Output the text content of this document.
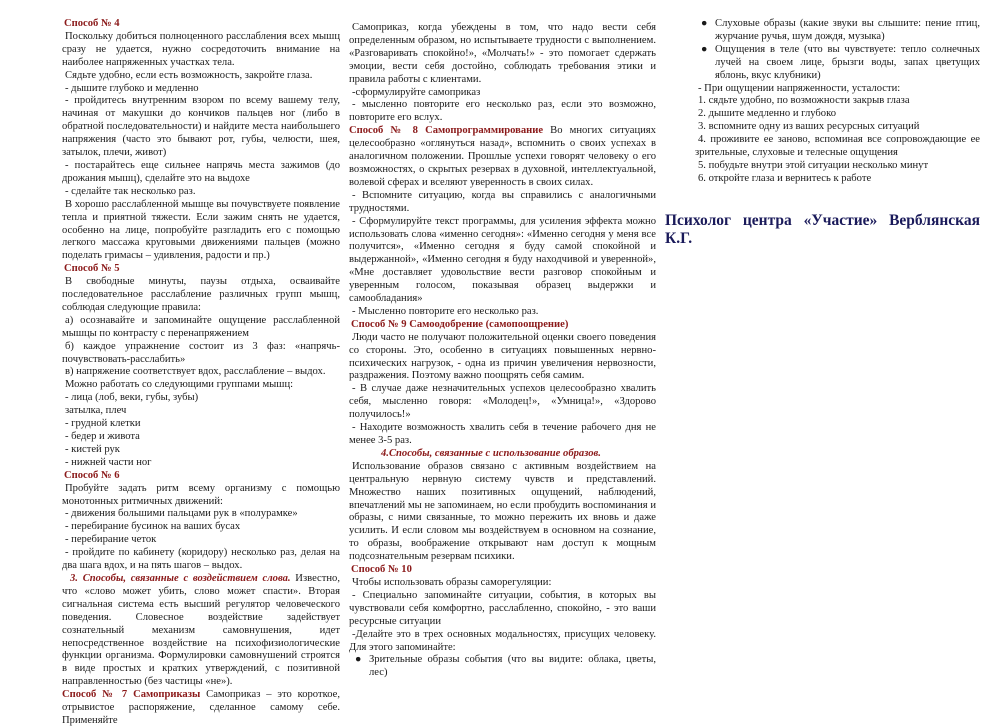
Способ № 4

Поскольку добиться полноценного расслабления всех мышц сразу не удается, нужно сосредоточить внимание на наиболее напряженных участках тела.

Сядьте удобно, если есть возможность, закройте глаза.

- дышите глубоко и медленно

- пройдитесь внутренним взором по всему вашему телу, начиная от макушки до кончиков пальцев ног (либо в обратной последовательности) и найдите места наибольшего напряжения (часто это бывают рот, губы, челюсти, шея, затылок, плечи, живот)

- постарайтесь еще сильнее напрячь места зажимов (до дрожания мышц), сделайте это на выдохе

- сделайте так несколько раз.

В хорошо расслабленной мышце вы почувствуете появление тепла и приятной тяжести. Если зажим снять не удается, особенно на лице, попробуйте разгладить его с помощью легкого массажа круговыми движениями пальцев (можно поделать гримасы – удивления, радости и пр.)

Способ № 5

В свободные минуты, паузы отдыха, осваивайте последовательное расслабление различных групп мышц, соблюдая следующие правила:

а) осознавайте и запоминайте ощущение расслабленной мышцы по контрасту с перенапряжением

б) каждое упражнение состоит из 3 фаз: «напрячь-почувствовать-расслабить»

в) напряжение соответствует вдох, расслабление – выдох.

Можно работать со следующими группами мышц:

- лица (лоб, веки, губы, зубы)

затылка, плеч

- грудной клетки

- бедер и живота

- кистей рук

- нижней части ног

Способ № 6

Пробуйте задать ритм всему организму с помощью монотонных ритмичных движений:

- движения большими пальцами рук в «полурамке»

- перебирание бусинок на ваших бусах

- перебирание четок

- пройдите по кабинету (коридору) несколько раз, делая на два шага вдох, и на пять шагов – выдох.

3. Способы, связанные с воздействием слова. Известно, что «слово может убить, слово может спасти». Вторая сигнальная система есть высший регулятор человеческого поведения. Словесное воздействие задействует сознательный механизм самовнушения, идет непосредственное воздействие на психофизиологические функции организма. Формулировки самовнушений строятся в виде простых и кратких утверждений, с позитивной направленностью (без частицы «не»).

Способ № 7 Самоприказы Самоприказ – это короткое, отрывистое распоряжение, сделанное самому себе. Применяйте

Самоприказ, когда убеждены в том, что надо вести себя определенным образом, но испытываете трудности с выполнением. «Разговаривать спокойно!», «Молчать!» - это помогает сдержать эмоции, вести себя достойно, соблюдать требования этики и правила работы с клиентами.

-сформулируйте самоприказ

- мысленно повторите его несколько раз, если это возможно, повторите его вслух.

Способ № 8 Самопрограммирование Во многих ситуациях целесообразно «оглянуться назад», вспомнить о своих успехах в аналогичном положении. Прошлые успехи говорят человеку о его возможностях, о скрытых резервах в духовной, интеллектуальной, волевой сферах и вселяют уверенность в своих силах.

- Вспомните ситуацию, когда вы справились с аналогичными трудностями.

- Сформулируйте текст программы, для усиления эффекта можно использовать слова «именно сегодня»: «Именно сегодня у меня все получится», «Именно сегодня я буду самой спокойной и выдержанной», «Именно сегодня я буду находчивой и уверенной», «Мне доставляет удовольствие вести разговор спокойным и уверенным голосом, показывая образец выдержки и самообладания»

- Мысленно повторите его несколько раз.

Способ № 9 Самоодобрение (самопоощрение)

Люди часто не получают положительной оценки своего поведения со стороны. Это, особенно в ситуациях повышенных нервно-психических нагрузок, - одна из причин увеличения нервозности, раздражения. Поэтому важно поощрять себя самим.

- В случае даже незначительных успехов целесообразно хвалить себя, мысленно говоря: «Молодец!», «Умница!», «Здорово получилось!»

- Находите возможность хвалить себя в течение рабочего дня не менее 3-5 раз.

4.Способы, связанные с использование образов.

Использование образов связано с активным воздействием на центральную нервную систему чувств и представлений. Множество наших позитивных ощущений, наблюдений, впечатлений мы не запоминаем, но если пробудить воспоминания и образы, с ними связанные, то можно пережить их вновь и даже усилить. И если словом мы воздействуем в основном на сознание, то образы, воображение открывают нам доступ к мощным подсознательным резервам психики.

Способ № 10

Чтобы использовать образы саморегуляции:

- Специально запоминайте ситуации, события, в которых вы чувствовали себя комфортно, расслабленно, спокойно, - это ваши ресурсные ситуации

-Делайте это в трех основных модальностях, присущих человеку. Для этого запоминайте:

● Зрительные образы события (что вы видите: облака, цветы, лес)
● Слуховые образы (какие звуки вы слышите: пение птиц, журчание ручья, шум дождя, музыка)
● Ощущения в теле (что вы чувствуете: тепло солнечных лучей на своем лице, брызги воды, запах цветущих яблонь, вкус клубники)

- При ощущении напряженности, усталости:

1. сядьте удобно, по возможности закрыв глаза

2. дышите медленно и глубоко

3. вспомните одну из ваших ресурсных ситуаций

4. проживите ее заново, вспоминая все сопровождающие ее зрительные, слуховые и телесные ощущения

5. побудьте внутри этой ситуации несколько минут

6. откройте глаза и вернитесь к работе

Психолог центра «Участие» Верблянская К.Г.
